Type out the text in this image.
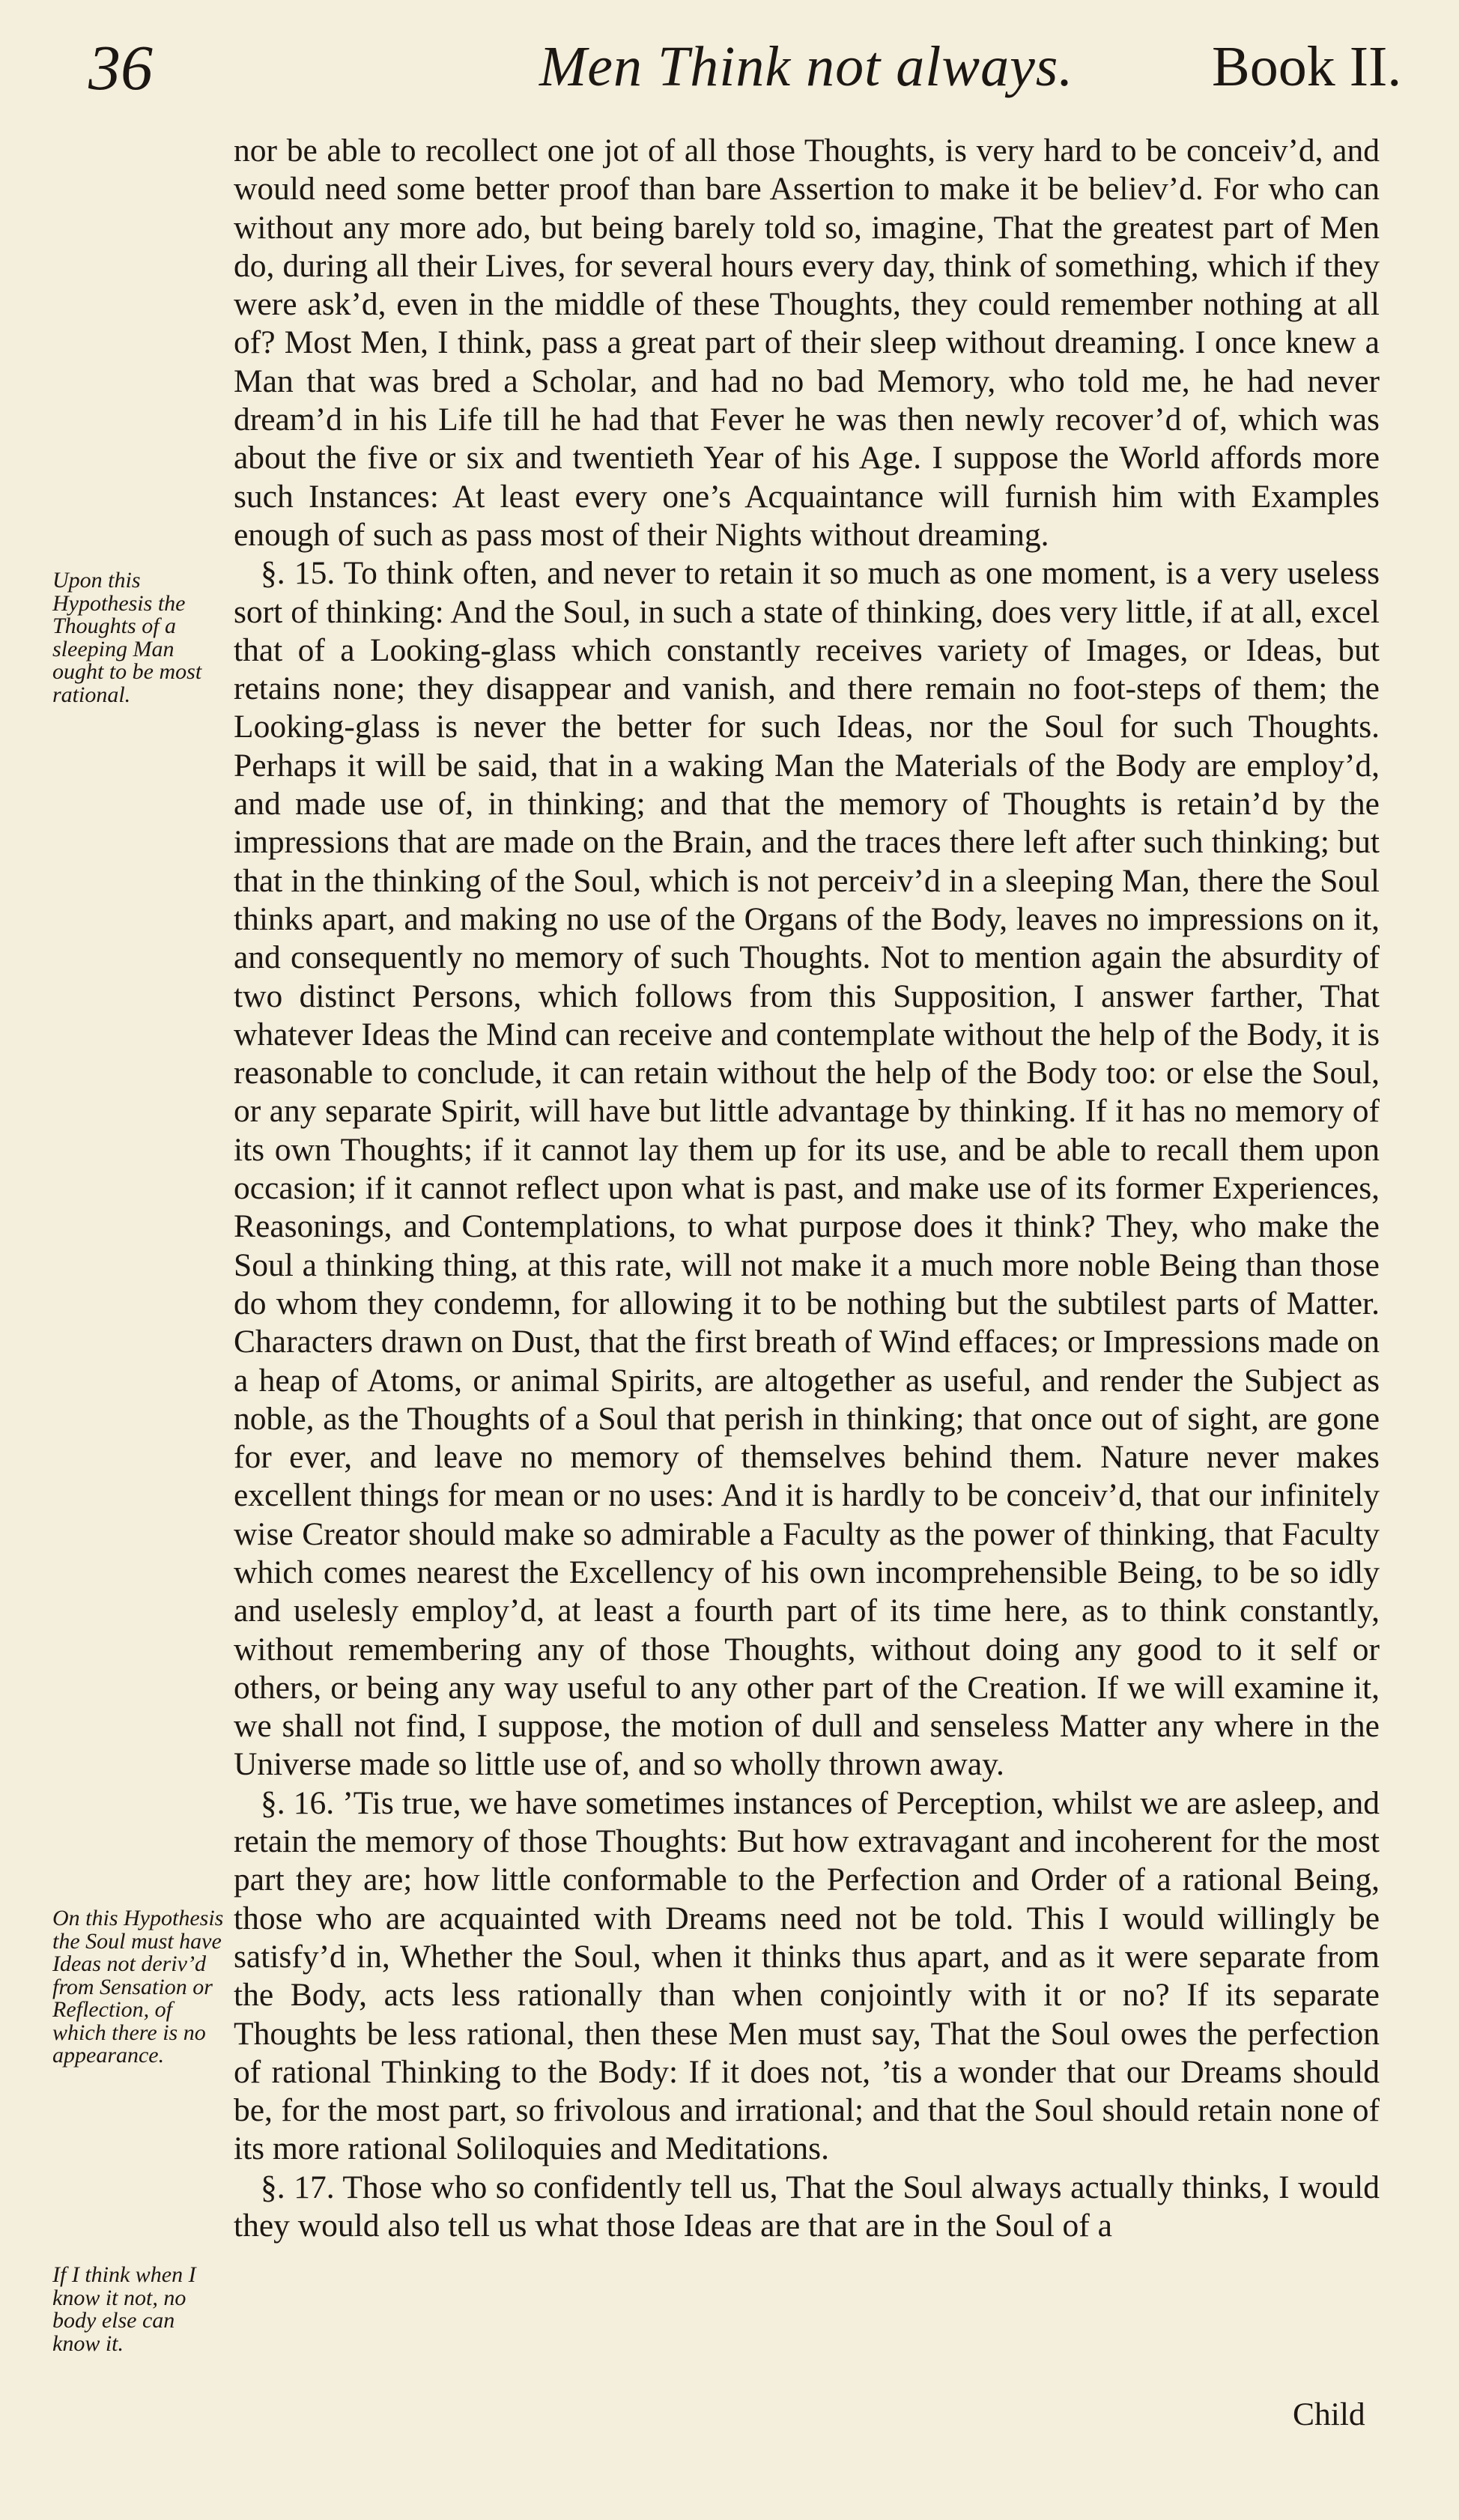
36	Men Think not always. Book II.

nor be able to recollect one jot of all those Thoughts, is very hard to be conceiv’d, and would need some better proof than bare Assertion to make it be believ’d. For who can without any more ado, but being barely told so, imagine, That the greatest part of Men do, during all their Lives, for several hours every day, think of something, which if they were ask’d, even in the middle of these Thoughts, they could remember nothing at all of? Most Men, I think, pass a great part of their sleep without dreaming. I once knew a Man that was bred a Scholar, and had no bad Memory, who told me, he had never dream’d in his Life till he had that Fever he was then newly recover’d of, which was about the five or six and twentieth Year of his Age. I suppose the World affords more such Instances: At least every one’s Acquaintance will furnish him with Examples enough of such as pass most of their Nights without dreaming.

§. 15. To think often, and never to retain it so much as one moment, is a very useless sort of thinking: And the Soul, in such a state of thinking, does very little, if at all, excel that of a Looking-glass which constantly receives variety of Images, or Ideas, but retains none; they disappear and vanish, and there remain no foot-steps of them; the Looking-glass is never the better for such Ideas, nor the Soul for such Thoughts. Perhaps it will be said, that in a waking Man the Materials of the Body are employ’d, and made use of, in thinking; and that the memory of Thoughts is retain’d by the impressions that are made on the Brain, and the traces there left after such thinking; but that in the thinking of the Soul, which is not perceiv’d in a sleeping Man, there the Soul thinks apart, and making no use of the Organs of the Body, leaves no impressions on it, and consequently no memory of such Thoughts. Not to mention again the absurdity of two distinct Persons, which follows from this Supposition, I answer farther, That whatever Ideas the Mind can receive and contemplate without the help of the Body, it is reasonable to conclude, it can retain without the help of the Body too: or else the Soul, or any separate Spirit, will have but little advantage by thinking. If it has no memory of its own Thoughts; if it cannot lay them up for its use, and be able to recall them upon occasion; if it cannot reflect upon what is past, and make use of its former Experiences, Reasonings, and Contemplations, to what purpose does it think? They, who make the Soul a thinking thing, at this rate, will not make it a much more noble Being than those do whom they condemn, for allowing it to be nothing but the subtilest parts of Matter. Characters drawn on Dust, that the first breath of Wind effaces; or Impressions made on a heap of Atoms, or animal Spirits, are altogether as useful, and render the Subject as noble, as the Thoughts of a Soul that perish in thinking; that once out of sight, are gone for ever, and leave no memory of themselves behind them. Nature never makes excellent things for mean or no uses: And it is hardly to be conceiv’d, that our infinitely wise Creator should make so admirable a Faculty as the power of thinking, that Faculty which comes nearest the Excellency of his own incomprehensible Being, to be so idly and uselesly employ’d, at least a fourth part of its time here, as to think constantly, without remembering any of those Thoughts, without doing any good to it self or others, or being any way useful to any other part of the Creation. If we will examine it, we shall not find, I suppose, the motion of dull and senseless Matter any where in the Universe made so little use of, and so wholly thrown away.

§. 16. ’Tis true, we have sometimes instances of Perception, whilst we are asleep, and retain the memory of those Thoughts: But how extravagant and incoherent for the most part they are; how little conformable to the Perfection and Order of a rational Being, those who are acquainted with Dreams need not be told. This I would willingly be satisfy’d in, Whether the Soul, when it thinks thus apart, and as it were separate from the Body, acts less rationally than when conjointly with it or no? If its separate Thoughts be less rational, then these Men must say, That the Soul owes the perfection of rational Thinking to the Body: If it does not, ’tis a wonder that our Dreams should be, for the most part, so frivolous and irrational; and that the Soul should retain none of its more rational Soliloquies and Meditations.

§. 17. Those who so confidently tell us, That the Soul always actually thinks, I would they would also tell us what those Ideas are that are in the Soul of a

Upon this Hypothesis the Thoughts of a sleeping Man ought to be most rational.
On this Hypothesis the Soul must have Ideas not deriv’d from Sensation or Reflection, of which there is no appearance.
If I think when I know it not, no body else can know it.
Child
